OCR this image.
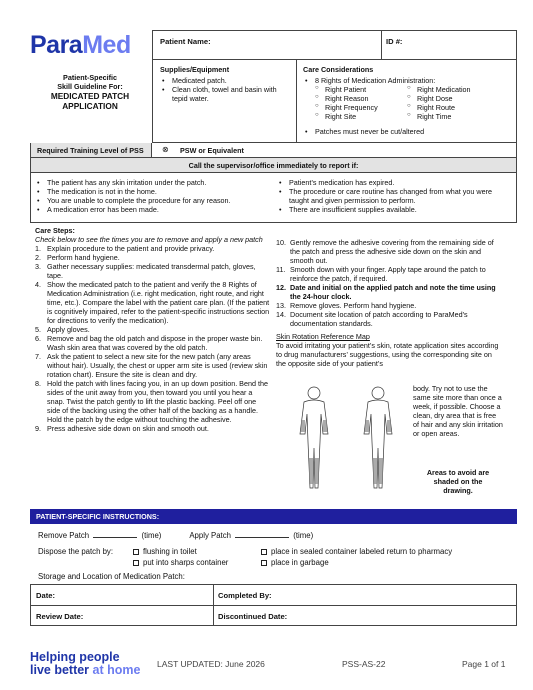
ParaMed
Patient-Specific
Skill Guideline For:
MEDICATED PATCH
APPLICATION
Patient Name:	ID #:
Supplies/Equipment
• Medicated patch.
• Clean cloth, towel and basin with tepid water.
Care Considerations
• 8 Rights of Medication Administration:
○ Right Patient
○ Right Reason
○ Right Frequency
○ Right Site
○ Right Medication
○ Right Dose
○ Right Route
○ Right Time
• Patches must never be cut/altered
Required Training Level of PSS ⊗ PSW or Equivalent
Call the supervisor/office immediately to report if:
• The patient has any skin irritation under the patch.
• The medication is not in the home.
• You are unable to complete the procedure for any reason.
• A medication error has been made.
• Patient’s medication has expired.
• The procedure or care routine has changed from what you were taught and given permission to perform.
• There are insufficient supplies available.
Care Steps:
Check below to see the times you are to remove and apply a new patch
1. Explain procedure to the patient and provide privacy.
2. Perform hand hygiene.
3. Gather necessary supplies: medicated transdermal patch, gloves, tape.
4. Show the medicated patch to the patient and verify the 8 Rights of Medication Administration (i.e. right medication, right route, and right time, etc.). Compare the label with the patient care plan. (If the patient is cognitively impaired, refer to the patient-specific instructions section for directions to verify the medication).
5. Apply gloves.
6. Remove and bag the old patch and dispose in the proper waste bin. Wash skin area that was covered by the old patch.
7. Ask the patient to select a new site for the new patch (any areas without hair). Usually, the chest or upper arm site is used (review skin rotation chart). Ensure the site is clean and dry.
8. Hold the patch with lines facing you, in an up down position. Bend the sides of the unit away from you, then toward you until you hear a snap. Twist the patch gently to lift the plastic backing. Peel off one side of the backing using the other half of the backing as a handle. Hold the patch by the edge without touching the adhesive.
9. Press adhesive side down on skin and smooth out.
10. Gently remove the adhesive covering from the remaining side of the patch and press the adhesive side down on the skin and smooth out.
11. Smooth down with your finger. Apply tape around the patch to reinforce the patch, if required.
12. Date and initial on the applied patch and note the time using the 24-hour clock.
13. Remove gloves. Perform hand hygiene.
14. Document site location of patch according to ParaMed’s documentation standards.
Skin Rotation Reference Map
To avoid irritating your patient’s skin, rotate application sites according to drug manufacturers’ suggestions, using the corresponding site on the opposite side of your patient’s
body. Try not to use the same site more than once a week, if possible. Choose a clean, dry area that is free of hair and any skin irritation or open areas.
Areas to avoid are
shaded on the
drawing.
PATIENT-SPECIFIC INSTRUCTIONS:
Remove Patch	(time)	Apply Patch	(time)
Dispose the patch by:	flushing in toilet
put into sharps container
place in sealed container labeled return to pharmacy
place in garbage
Storage and Location of Medication Patch:
Date:	Completed By:
Review Date:	Discontinued Date:
Helping people
live better at home LAST UPDATED: June 2026	PSS-AS-22	Page 1 of 1
